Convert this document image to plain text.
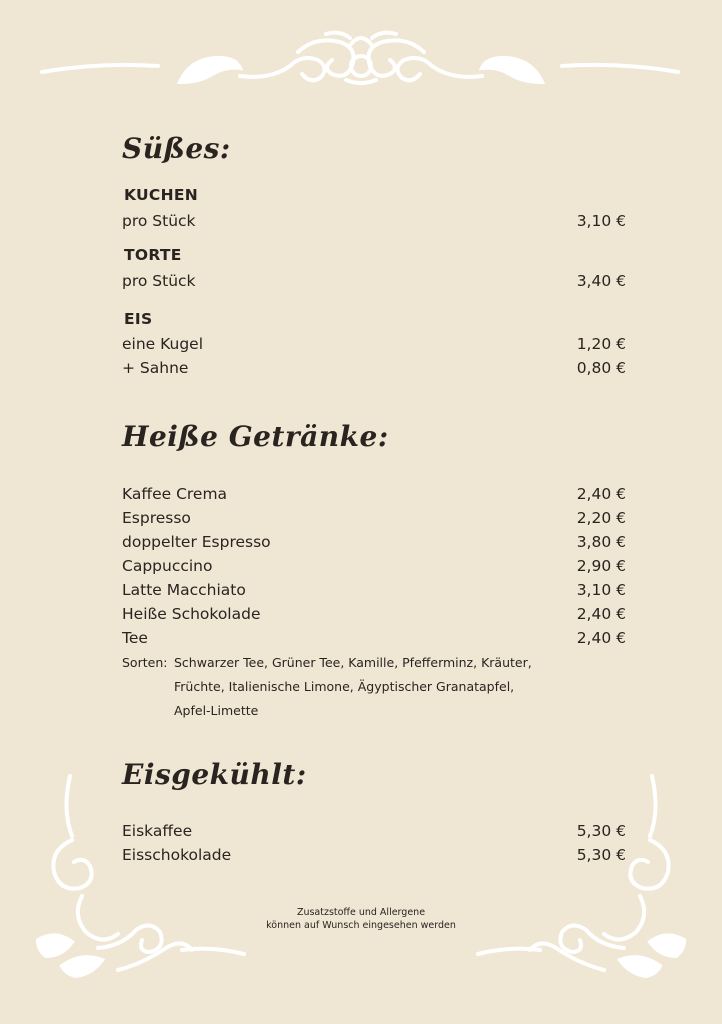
Süßes:
KUCHEN
pro Stück	3,10 €
TORTE
pro Stück	3,40 €
EIS
eine Kugel	1,20 €
+ Sahne	0,80 €
Heiße Getränke:
Kaffee Crema	2,40 €
Espresso	2,20 €
doppelter Espresso	3,80 €
Cappuccino	2,90 €
Latte Macchiato	3,10 €
Heiße Schokolade	2,40 €
Tee	2,40 €
Sorten: Schwarzer Tee, Grüner Tee, Kamille, Pfefferminz, Kräuter,
Früchte, Italienische Limone, Ägyptischer Granatapfel,
Apfel-Limette
Eisgekühlt:
Eiskaffee	5,30 €
Eisschokolade	5,30 €
Zusatzstoffe und Allergene
können auf Wunsch eingesehen werden
